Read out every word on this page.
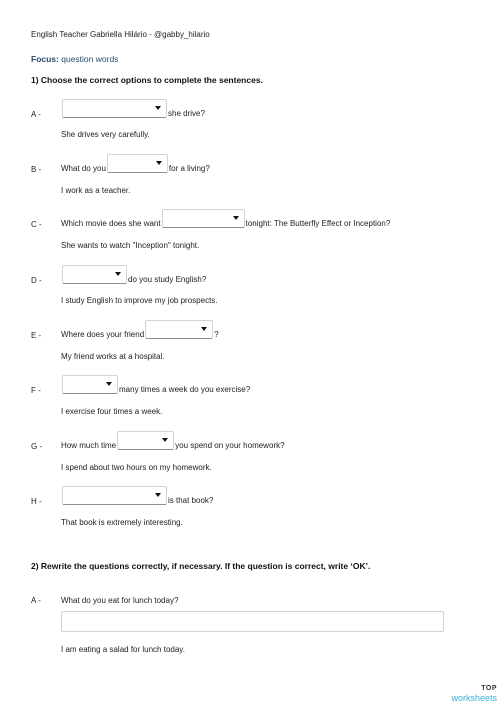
English Teacher Gabriella Hilário - @gabby_hilario
Focus: question words
1) Choose the correct options to complete the sentences.
A -	she drive?
She drives very carefully.
B - What do you	for a living?
I work as a teacher.
C - Which movie does she want	tonight: The Butterfly Effect or Inception?
She wants to watch "Inception" tonight.
D -	do you study English?
I study English to improve my job prospects.
E - Where does your friend	?
My friend works at a hospital.
F -	many times a week do you exercise?
I exercise four times a week.
G - How much time	you spend on your homework?
I spend about two hours on my homework.
H -	is that book?
That book is extremely interesting.
2) Rewrite the questions correctly, if necessary. If the question is correct, write ‘OK’.
A -	What do you eat for lunch today?
I am eating a salad for lunch today.
TOP
worksheets
